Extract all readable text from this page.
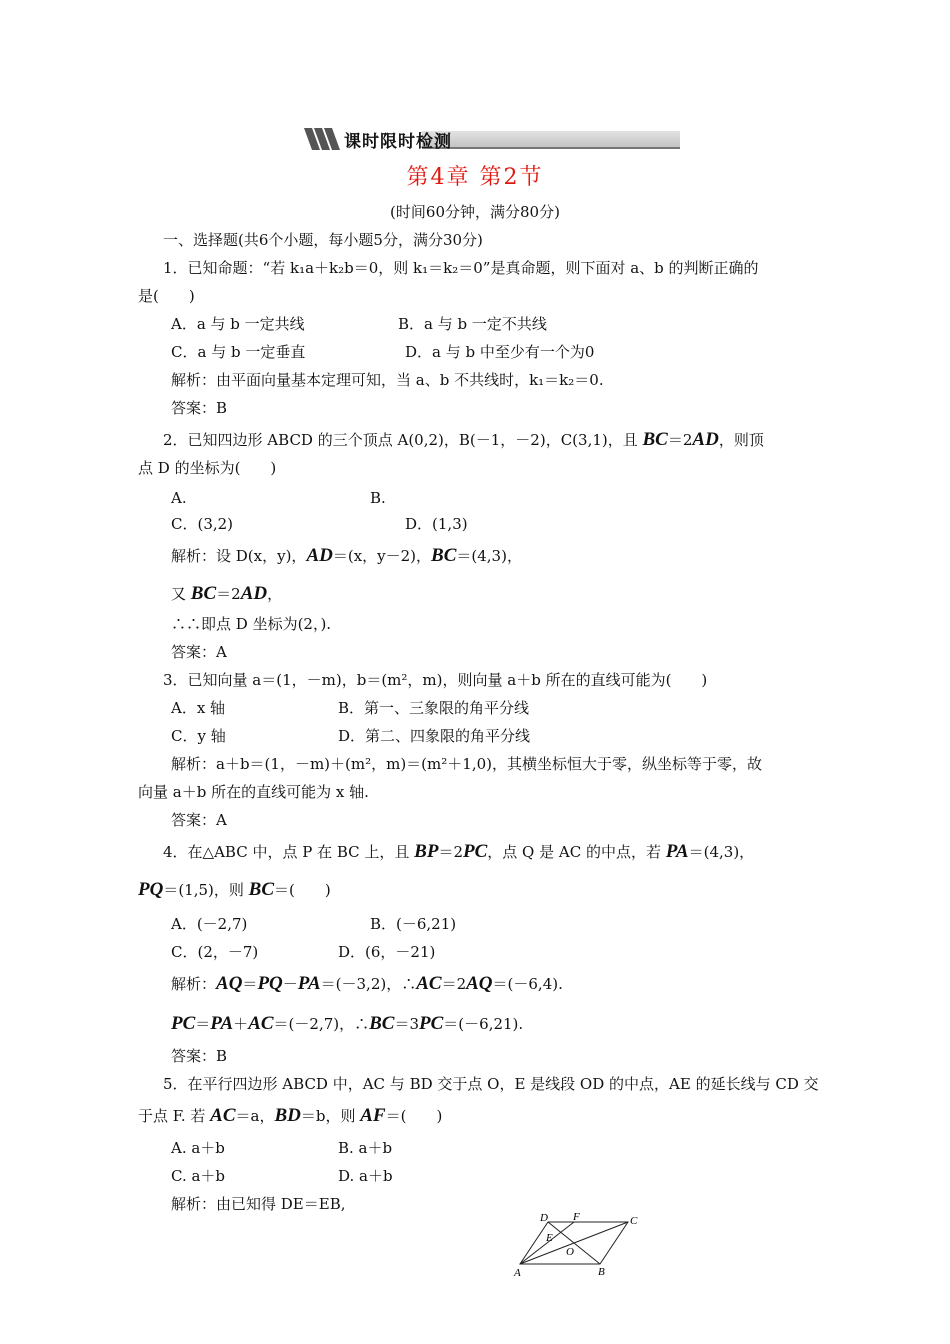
课时限时检测
第4章 第2节
(时间60分钟，满分80分)
一、选择题(共6个小题，每小题5分，满分30分)
1．已知命题：“若 k₁a＋k₂b＝0，则 k₁＝k₂＝0”是真命题，则下面对 a、b 的判断正确的
是(　　)
A．a 与 b 一定共线	B．a 与 b 一定不共线
C．a 与 b 一定垂直	D．a 与 b 中至少有一个为0
解析：由平面向量基本定理可知，当 a、b 不共线时，k₁＝k₂＝0.
答案：B
2．已知四边形 ABCD 的三个顶点 A(0,2)，B(－1，－2)，C(3,1)，且 BC＝2AD，则顶
点 D 的坐标为(　　)
A.	B.
C．(3,2)	D．(1,3)
解析：设 D(x，y)，AD＝(x，y－2)，BC＝(4,3)，
又 BC＝2AD，
∴∴即点 D 坐标为(2，).
答案：A
3．已知向量 a＝(1，－m)，b＝(m²，m)，则向量 a＋b 所在的直线可能为(　　)
A．x 轴	B．第一、三象限的角平分线
C．y 轴	D．第二、四象限的角平分线
解析：a＋b＝(1，－m)＋(m²，m)＝(m²＋1,0)，其横坐标恒大于零，纵坐标等于零，故
向量 a＋b 所在的直线可能为 x 轴.
答案：A
4．在△ABC 中，点 P 在 BC 上，且 BP＝2PC，点 Q 是 AC 的中点，若 PA＝(4,3)，
PQ＝(1,5)，则 BC＝(　　)
A．(－2,7)	B．(－6,21)
C．(2，－7)	D．(6，－21)
解析：AQ＝PQ－PA＝(－3,2)，∴AC＝2AQ＝(－6,4).
PC＝PA＋AC＝(－2,7)，∴BC＝3PC＝(－6,21).
答案：B
5．在平行四边形 ABCD 中，AC 与 BD 交于点 O，E 是线段 OD 的中点，AE 的延长线与 CD 交
于点 F. 若 AC＝a，BD＝b，则 AF＝(　　)
A. a＋b	B. a＋b
C. a＋b	D. a＋b
解析：由已知得 DE＝EB,
D F	C
E
O
A	B
